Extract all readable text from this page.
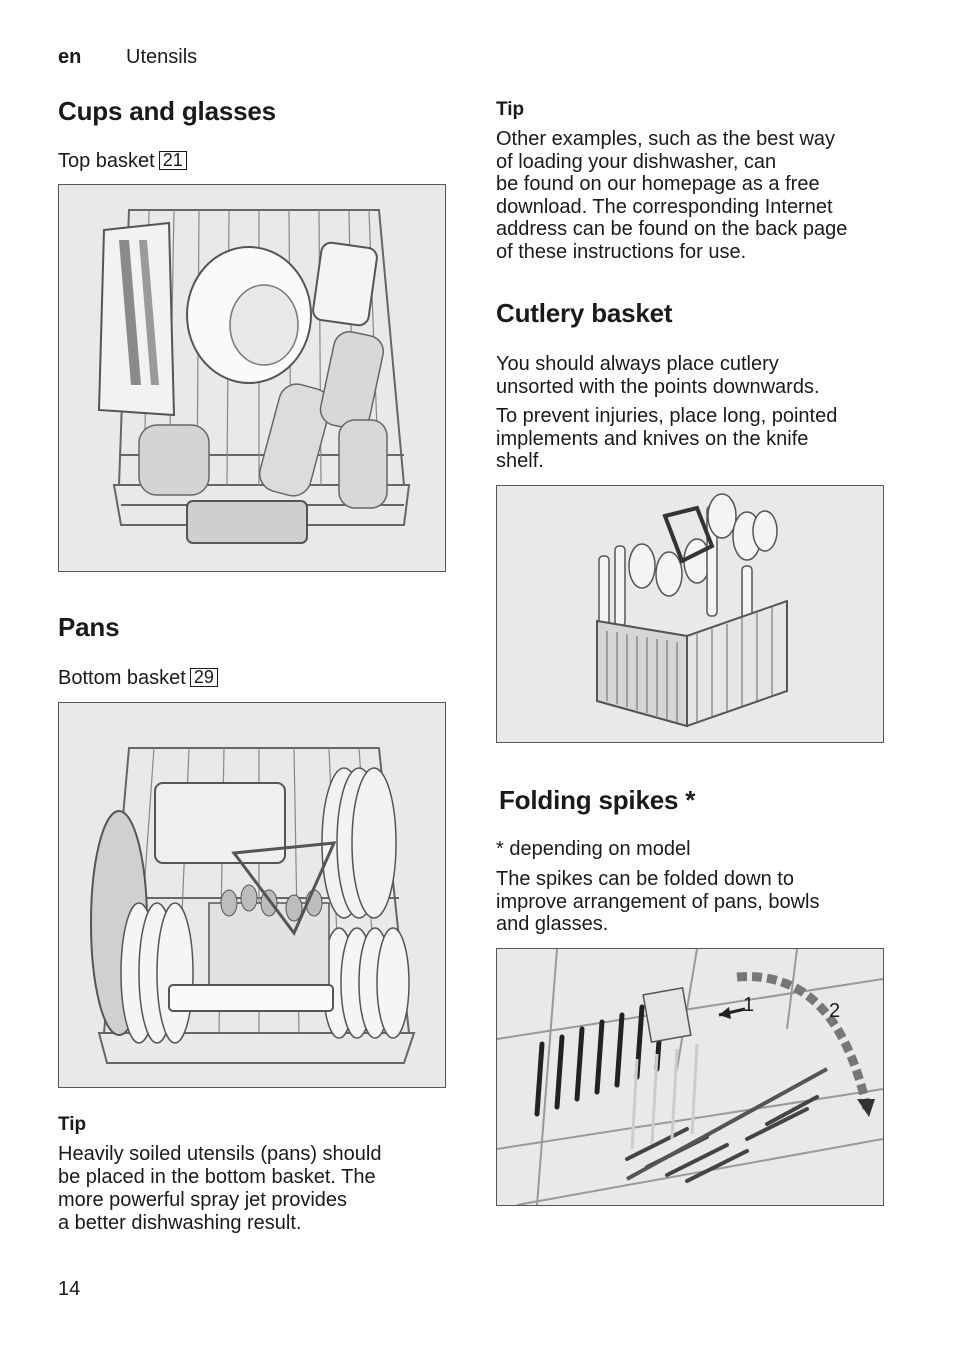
en Utensils
Cups and glasses
Top basket 21
Pans
Bottom basket 29
Tip
Heavily soiled utensils (pans) should
be placed in the bottom basket. The
more powerful spray jet provides
a better dishwashing result.
14
Tip
Other examples, such as the best way
of loading your dishwasher, can
be found on our homepage as a free
download. The corresponding Internet
address can be found on the back page
of these instructions for use.
Cutlery basket
You should always place cutlery
unsorted with the points downwards.
To prevent injuries, place long, pointed
implements and knives on the knife
shelf.
Folding spikes *
* depending on model
The spikes can be folded down to
improve arrangement of pans, bowls
and glasses.
1	2
